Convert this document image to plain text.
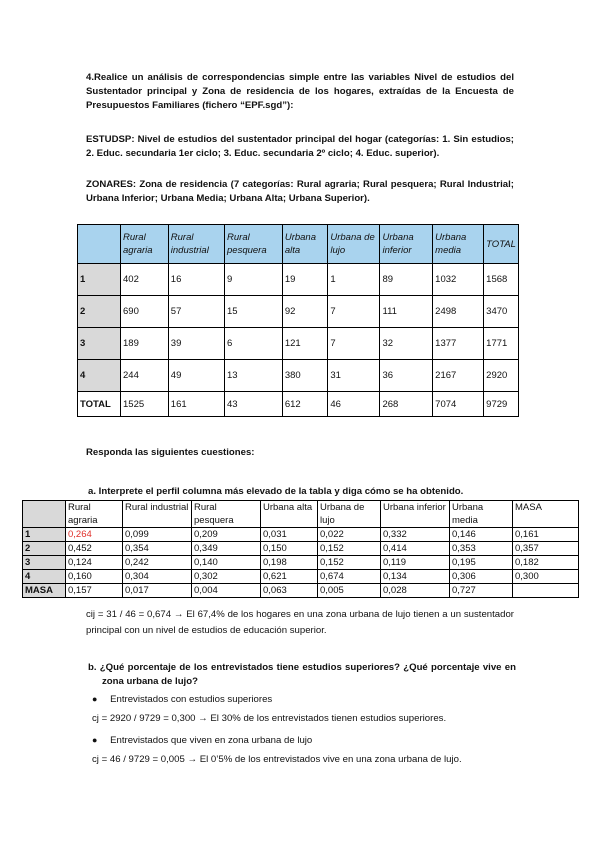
4.Realice un análisis de correspondencias simple entre las variables Nivel de estudios del Sustentador principal y Zona de residencia de los hogares, extraídas de la Encuesta de Presupuestos Familiares (fichero “EPF.sgd”):
ESTUDSP: Nivel de estudios del sustentador principal del hogar (categorías: 1. Sin estudios; 2. Educ. secundaria 1er ciclo; 3. Educ. secundaria 2º ciclo; 4. Educ. superior).
ZONARES: Zona de residencia (7 categorías: Rural agraria; Rural pesquera; Rural Industrial; Urbana Inferior; Urbana Media; Urbana Alta; Urbana Superior).
	Rural agraria	Rural industrial	Rural pesquera	Urbana alta	Urbana de lujo	Urbana inferior	Urbana media	TOTAL
1	402	16	9	19	1	89	1032	1568
2	690	57	15	92	7	111	2498	3470
3	189	39	6	121	7	32	1377	1771
4	244	49	13	380	31	36	2167	2920
TOTAL	1525	161	43	612	46	268	7074	9729
Responda las siguientes cuestiones:
a. Interprete el perfil columna más elevado de la tabla y diga cómo se ha obtenido.
	Rural agraria	Rural industrial	Rural pesquera	Urbana alta	Urbana de lujo	Urbana inferior	Urbana media	MASA
1	0,264	0,099	0,209	0,031	0,022	0,332	0,146	0,161
2	0,452	0,354	0,349	0,150	0,152	0,414	0,353	0,357
3	0,124	0,242	0,140	0,198	0,152	0,119	0,195	0,182
4	0,160	0,304	0,302	0,621	0,674	0,134	0,306	0,300
MASA	0,157	0,017	0,004	0,063	0,005	0,028	0,727	
cij = 31 / 46 = 0,674 → El 67,4% de los hogares en una zona urbana de lujo tienen a un sustentador principal con un nivel de estudios de educación superior.
b. ¿Qué porcentaje de los entrevistados tiene estudios superiores? ¿Qué porcentaje vive en zona urbana de lujo?
● Entrevistados con estudios superiores
cj = 2920 / 9729 = 0,300 → El 30% de los entrevistados tienen estudios superiores.
● Entrevistados que viven en zona urbana de lujo
cj = 46 / 9729 = 0,005 → El 0’5% de los entrevistados vive en una zona urbana de lujo.
